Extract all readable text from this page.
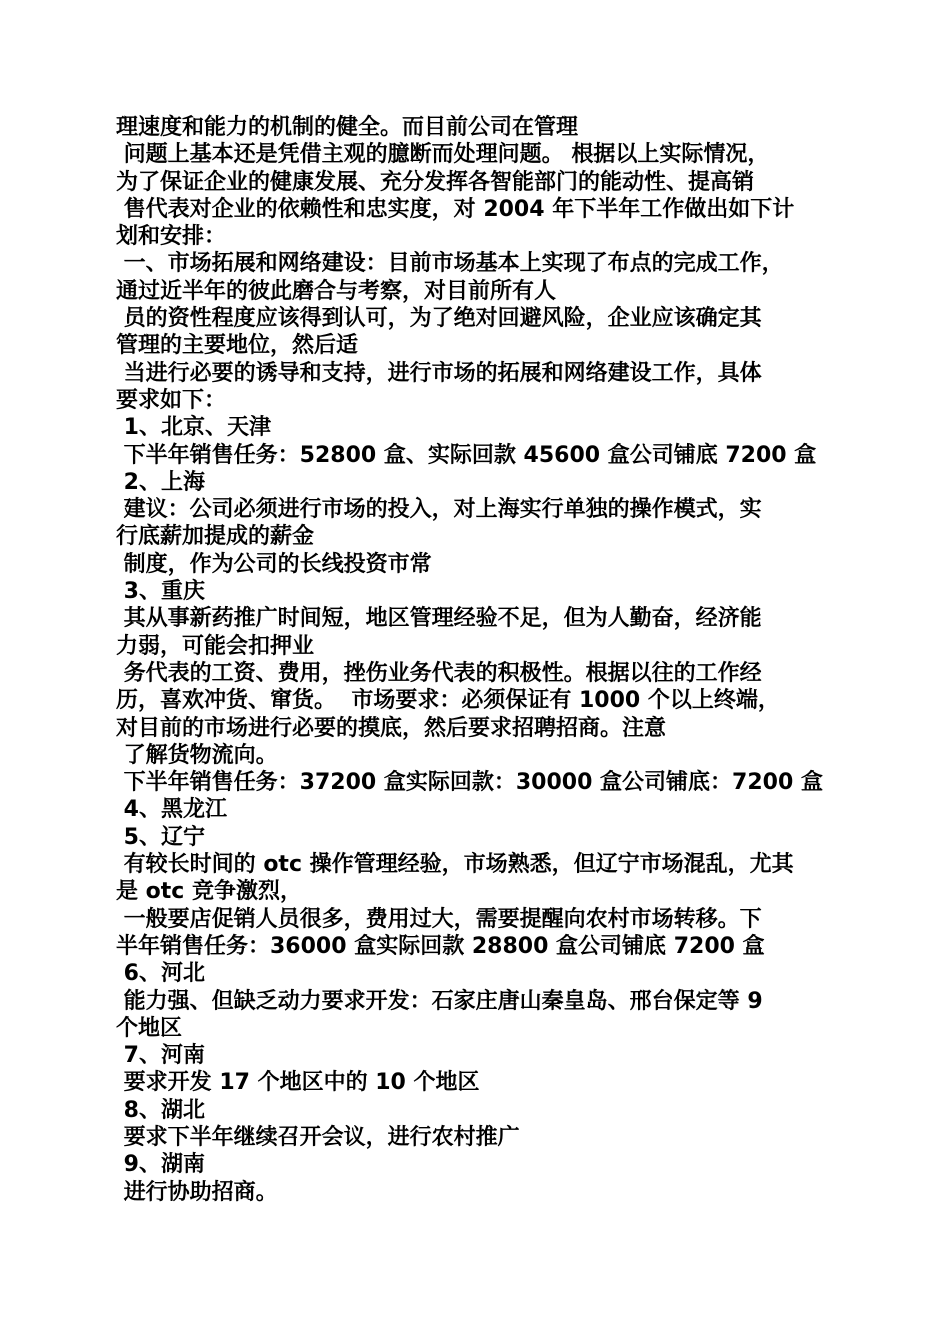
理速度和能力的机制的健全。而目前公司在管理
问题上基本还是凭借主观的臆断而处理问题。 根据以上实际情况，
为了保证企业的健康发展、充分发挥各智能部门的能动性、提高销
售代表对企业的依赖性和忠实度，对 2004 年下半年工作做出如下计
划和安排：
一、市场拓展和网络建设：目前市场基本上实现了布点的完成工作，
通过近半年的彼此磨合与考察，对目前所有人
员的资性程度应该得到认可，为了绝对回避风险，企业应该确定其
管理的主要地位，然后适
当进行必要的诱导和支持，进行市场的拓展和网络建设工作，具体
要求如下：
1、北京、天津
下半年销售任务：52800 盒、实际回款 45600 盒公司铺底 7200 盒
2、上海
建议：公司必须进行市场的投入，对上海实行单独的操作模式，实
行底薪加提成的薪金
制度，作为公司的长线投资市常
3、重庆
其从事新药推广时间短，地区管理经验不足，但为人勤奋，经济能
力弱，可能会扣押业
务代表的工资、费用，挫伤业务代表的积极性。根据以往的工作经
历，喜欢冲货、窜货。  市场要求：必须保证有 1000 个以上终端，
对目前的市场进行必要的摸底，然后要求招聘招商。注意
了解货物流向。
下半年销售任务：37200 盒实际回款：30000 盒公司铺底：7200 盒
4、黑龙江
5、辽宁
有较长时间的 otc 操作管理经验，市场熟悉，但辽宁市场混乱，尤其
是 otc 竞争激烈，
一般要店促销人员很多，费用过大，需要提醒向农村市场转移。下
半年销售任务：36000 盒实际回款 28800 盒公司铺底 7200 盒
6、河北
能力强、但缺乏动力要求开发：石家庄唐山秦皇岛、邢台保定等 9
个地区
7、河南
要求开发 17 个地区中的 10 个地区
8、湖北
要求下半年继续召开会议，进行农村推广
9、湖南
进行协助招商。
